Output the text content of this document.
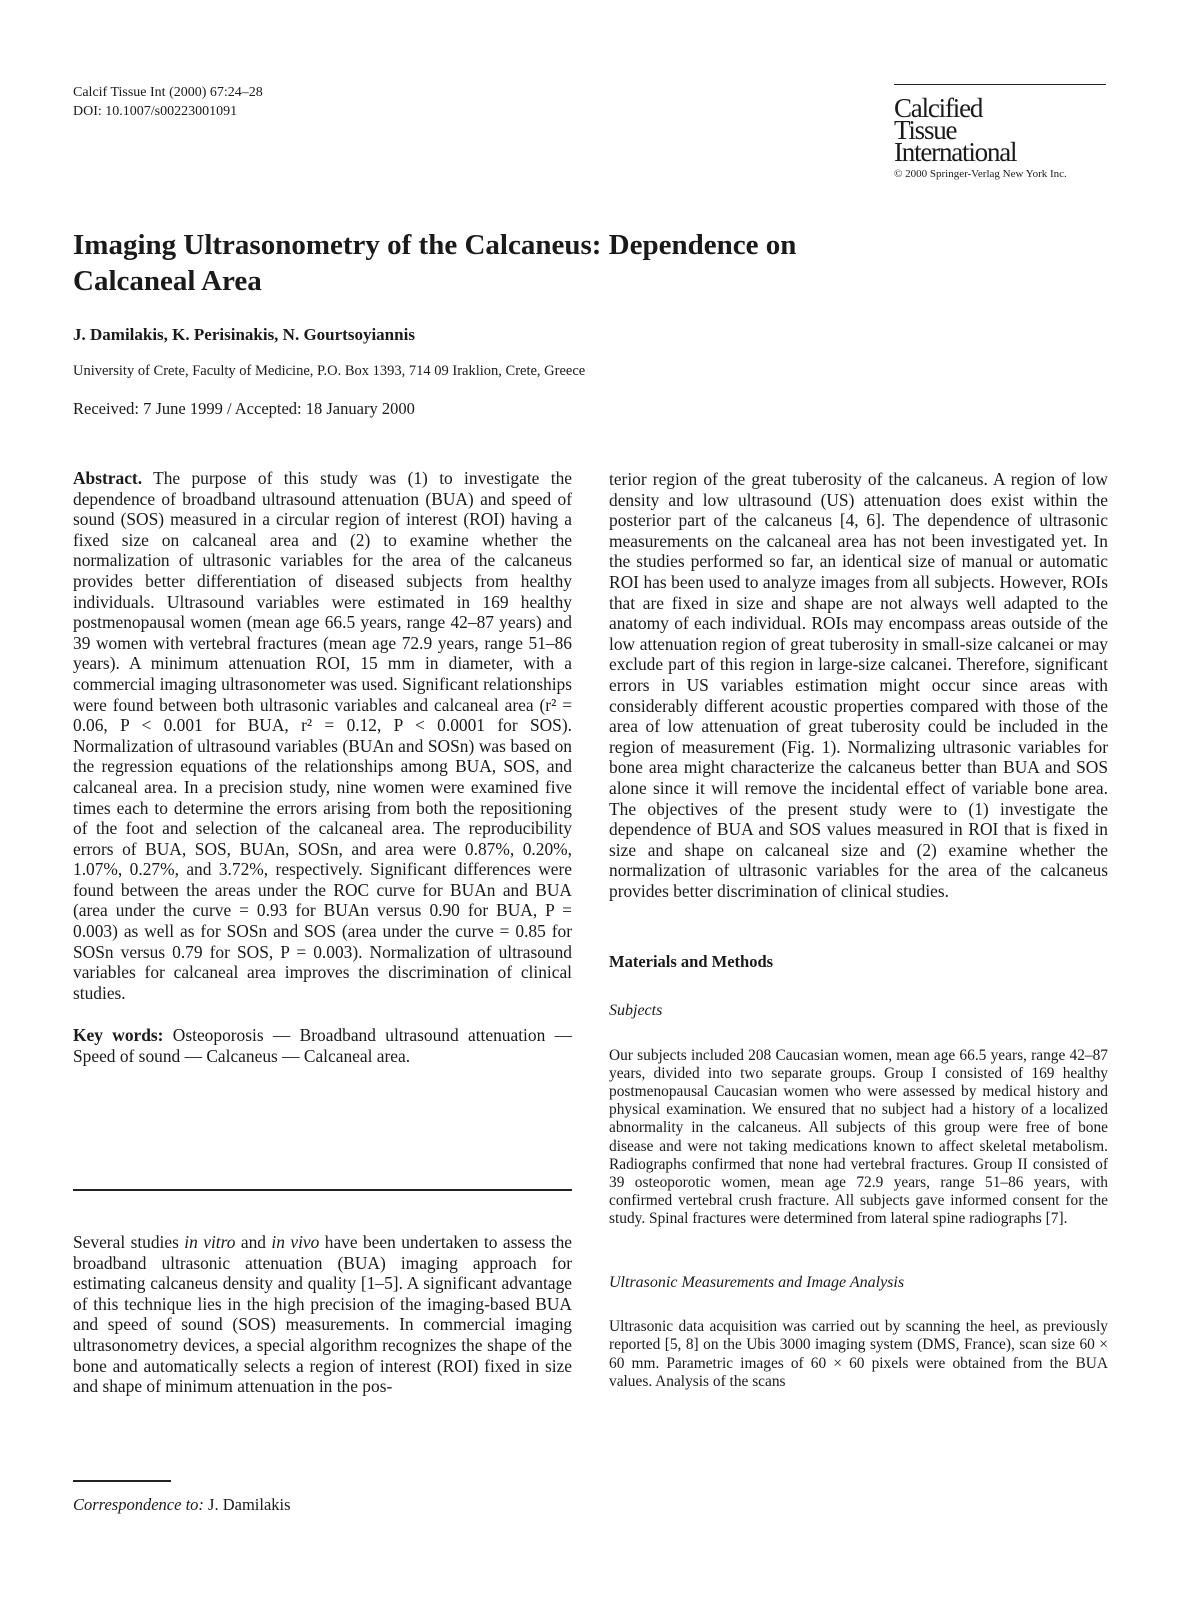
Calcif Tissue Int (2000) 67:24–28
DOI: 10.1007/s00223001091	Calcified
Tissue
International
© 2000 Springer-Verlag New York Inc.
Imaging Ultrasonometry of the Calcaneus: Dependence on
Calcaneal Area
J. Damilakis, K. Perisinakis, N. Gourtsoyiannis
University of Crete, Faculty of Medicine, P.O. Box 1393, 714 09 Iraklion, Crete, Greece
Received: 7 June 1999 / Accepted: 18 January 2000

Abstract. The purpose of this study was (1) to investigate the dependence of broadband ultrasound attenuation (BUA) and speed of sound (SOS) measured in a circular region of interest (ROI) having a fixed size on calcaneal area and (2) to examine whether the normalization of ultrasonic variables for the area of the calcaneus provides better differentiation of diseased subjects from healthy individuals. Ultrasound variables were estimated in 169 healthy postmenopausal women (mean age 66.5 years, range 42–87 years) and 39 women with vertebral fractures (mean age 72.9 years, range 51–86 years). A minimum attenuation ROI, 15 mm in diameter, with a commercial imaging ultrasonometer was used. Significant relationships were found between both ultrasonic variables and calcaneal area (r² = 0.06, P < 0.001 for BUA, r² = 0.12, P < 0.0001 for SOS). Normalization of ultrasound variables (BUAn and SOSn) was based on the regression equations of the relationships among BUA, SOS, and calcaneal area. In a precision study, nine women were examined five times each to determine the errors arising from both the repositioning of the foot and selection of the calcaneal area. The reproducibility errors of BUA, SOS, BUAn, SOSn, and area were 0.87%, 0.20%, 1.07%, 0.27%, and 3.72%, respectively. Significant differences were found between the areas under the ROC curve for BUAn and BUA (area under the curve = 0.93 for BUAn versus 0.90 for BUA, P = 0.003) as well as for SOSn and SOS (area under the curve = 0.85 for SOSn versus 0.79 for SOS, P = 0.003). Normalization of ultrasound variables for calcaneal area improves the discrimination of clinical studies.

Key words: Osteoporosis — Broadband ultrasound attenuation — Speed of sound — Calcaneus — Calcaneal area.

Several studies in vitro and in vivo have been undertaken to assess the broadband ultrasonic attenuation (BUA) imaging approach for estimating calcaneus density and quality [1–5]. A significant advantage of this technique lies in the high precision of the imaging-based BUA and speed of sound (SOS) measurements. In commercial imaging ultrasonometry devices, a special algorithm recognizes the shape of the bone and automatically selects a region of interest (ROI) fixed in size and shape of minimum attenuation in the pos-

Correspondence to: J. Damilakis

terior region of the great tuberosity of the calcaneus. A region of low density and low ultrasound (US) attenuation does exist within the posterior part of the calcaneus [4, 6]. The dependence of ultrasonic measurements on the calcaneal area has not been investigated yet. In the studies performed so far, an identical size of manual or automatic ROI has been used to analyze images from all subjects. However, ROIs that are fixed in size and shape are not always well adapted to the anatomy of each individual. ROIs may encompass areas outside of the low attenuation region of great tuberosity in small-size calcanei or may exclude part of this region in large-size calcanei. Therefore, significant errors in US variables estimation might occur since areas with considerably different acoustic properties compared with those of the area of low attenuation of great tuberosity could be included in the region of measurement (Fig. 1). Normalizing ultrasonic variables for bone area might characterize the calcaneus better than BUA and SOS alone since it will remove the incidental effect of variable bone area. The objectives of the present study were to (1) investigate the dependence of BUA and SOS values measured in ROI that is fixed in size and shape on calcaneal size and (2) examine whether the normalization of ultrasonic variables for the area of the calcaneus provides better discrimination of clinical studies.

Materials and Methods
Subjects

Our subjects included 208 Caucasian women, mean age 66.5 years, range 42–87 years, divided into two separate groups. Group I consisted of 169 healthy postmenopausal Caucasian women who were assessed by medical history and physical examination. We ensured that no subject had a history of a localized abnormality in the calcaneus. All subjects of this group were free of bone disease and were not taking medications known to affect skeletal metabolism. Radiographs confirmed that none had vertebral fractures. Group II consisted of 39 osteoporotic women, mean age 72.9 years, range 51–86 years, with confirmed vertebral crush fracture. All subjects gave informed consent for the study. Spinal fractures were determined from lateral spine radiographs [7].

Ultrasonic Measurements and Image Analysis

Ultrasonic data acquisition was carried out by scanning the heel, as previously reported [5, 8] on the Ubis 3000 imaging system (DMS, France), scan size 60 × 60 mm. Parametric images of 60 × 60 pixels were obtained from the BUA values. Analysis of the scans
